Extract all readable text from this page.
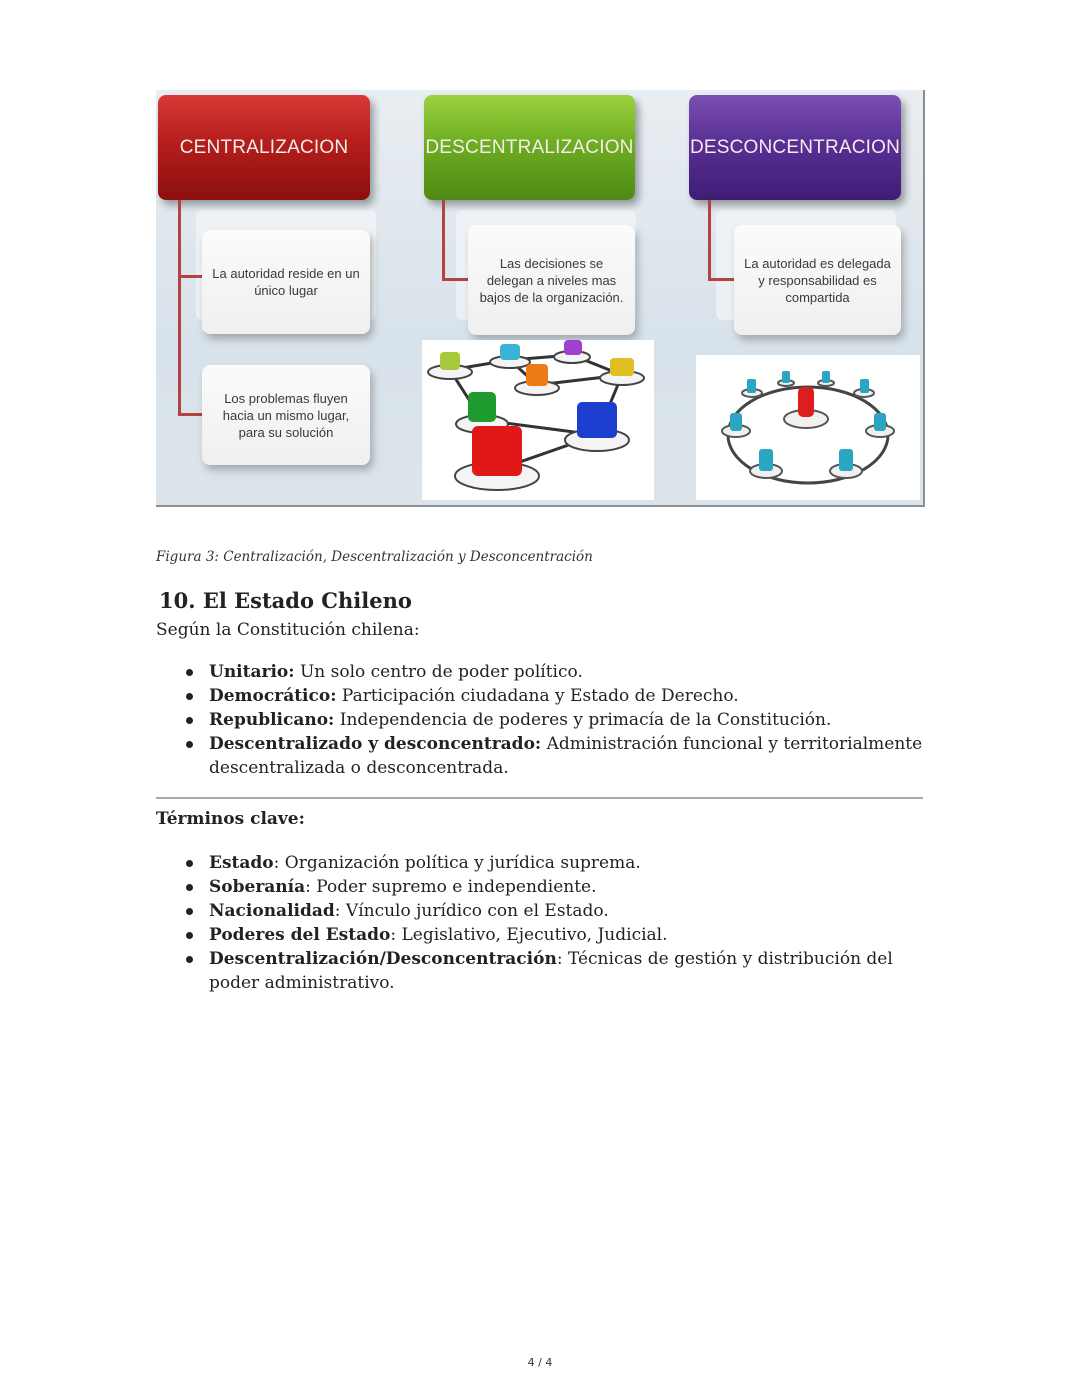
CENTRALIZACION	DESCENTRALIZACION	DESCONCENTRACION
La autoridad reside en un único lugar
Los problemas fluyen hacia un mismo lugar, para su solución
Las decisiones se delegan a niveles mas bajos de la organización.
La autoridad es delegada y responsabilidad es compartida
Figura 3: Centralización, Descentralización y Desconcentración
10. El Estado Chileno
Según la Constitución chilena:
Unitario: Un solo centro de poder político.
Democrático: Participación ciudadana y Estado de Derecho.
Republicano: Independencia de poderes y primacía de la Constitución.
Descentralizado y desconcentrado: Administración funcional y territorialmente descentralizada o desconcentrada.
Términos clave:
Estado: Organización política y jurídica suprema.
Soberanía: Poder supremo e independiente.
Nacionalidad: Vínculo jurídico con el Estado.
Poderes del Estado: Legislativo, Ejecutivo, Judicial.
Descentralización/Desconcentración: Técnicas de gestión y distribución del poder administrativo.
4 / 4
